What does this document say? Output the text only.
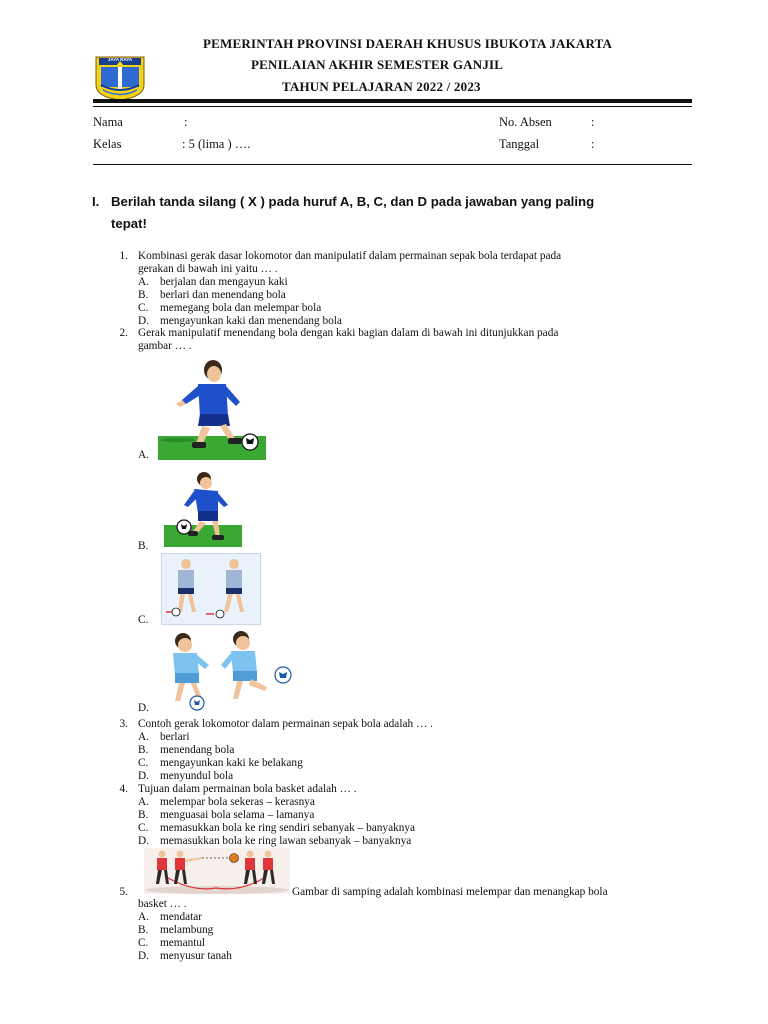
JAYA RAYA
PEMERINTAH PROVINSI DAERAH KHUSUS IBUKOTA JAKARTA
PENILAIAN AKHIR SEMESTER GANJIL
TAHUN PELAJARAN 2022 / 2023
Nama	:	No. Absen	:
Kelas	: 5 (lima ) ….	Tanggal	:
I. Berilah tanda silang ( X ) pada huruf A, B, C, dan D pada jawaban yang paling
tepat!
1. Kombinasi gerak dasar lokomotor dan manipulatif dalam permainan sepak bola terdapat pada
gerakan di bawah ini yaitu … .
A. berjalan dan mengayun kaki
B. berlari dan menendang bola
C. memegang bola dan melempar bola
D. mengayunkan kaki dan menendang bola
2. Gerak manipulatif menendang bola dengan kaki bagian dalam di bawah ini ditunjukkan pada
gambar … .
A.
B.
C.
D.
3. Contoh gerak lokomotor dalam permainan sepak bola adalah … .
A. berlari
B. menendang bola
C. mengayunkan kaki ke belakang
D. menyundul bola
4. Tujuan dalam permainan bola basket adalah … .
A. melempar bola sekeras – kerasnya
B. menguasai bola selama – lamanya
C. memasukkan bola ke ring sendiri sebanyak – banyaknya
D. memasukkan bola ke ring lawan sebanyak – banyaknya
5.	Gambar di samping adalah kombinasi melempar dan menangkap bola
basket … .
A. mendatar
B. melambung
C. memantul
D. menyusur tanah
